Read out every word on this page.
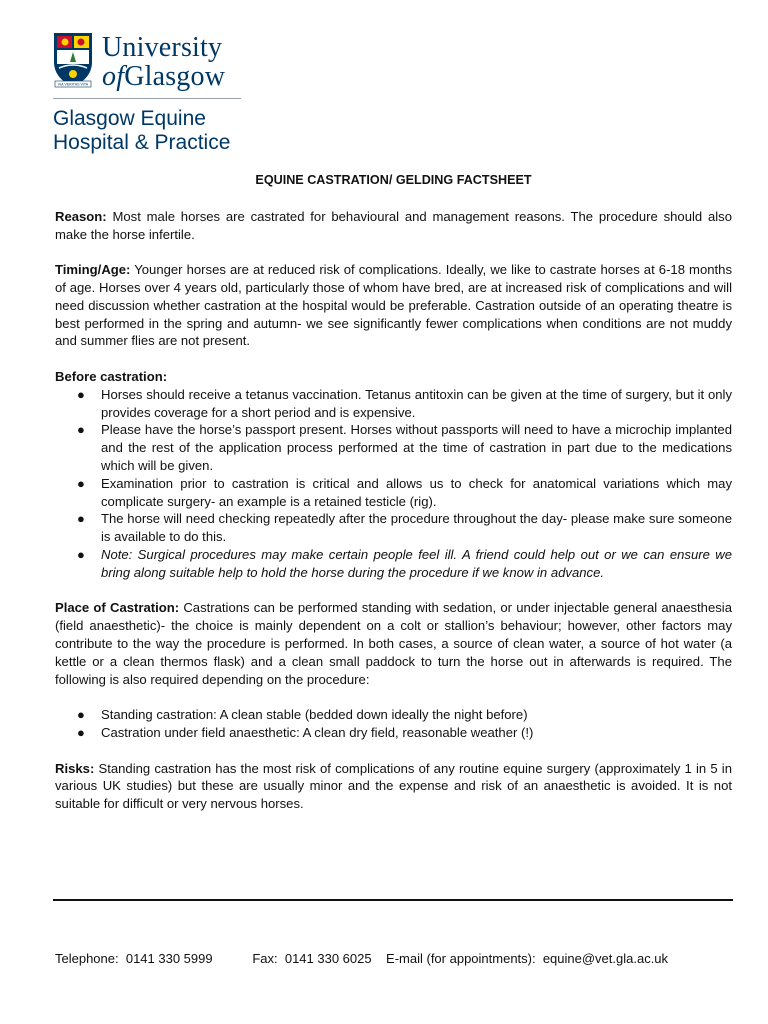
VIA VERITAS VITA
University
ofGlasgow
Glasgow Equine
Hospital & Practice
EQUINE CASTRATION/ GELDING FACTSHEET

Reason: Most male horses are castrated for behavioural and management reasons. The procedure should also make the horse infertile.

Timing/Age: Younger horses are at reduced risk of complications. Ideally, we like to castrate horses at 6-18 months of age. Horses over 4 years old, particularly those of whom have bred, are at increased risk of complications and will need discussion whether castration at the hospital would be preferable. Castration outside of an operating theatre is best performed in the spring and autumn- we see significantly fewer complications when conditions are not muddy and summer flies are not present.

Before castration:

● Horses should receive a tetanus vaccination. Tetanus antitoxin can be given at the time of surgery, but it only provides coverage for a short period and is expensive.
● Please have the horse’s passport present. Horses without passports will need to have a microchip implanted and the rest of the application process performed at the time of castration in part due to the medications which will be given.
● Examination prior to castration is critical and allows us to check for anatomical variations which may complicate surgery- an example is a retained testicle (rig).
● The horse will need checking repeatedly after the procedure throughout the day- please make sure someone is available to do this.
● Note: Surgical procedures may make certain people feel ill. A friend could help out or we can ensure we bring along suitable help to hold the horse during the procedure if we know in advance.

Place of Castration: Castrations can be performed standing with sedation, or under injectable general anaesthesia (field anaesthetic)- the choice is mainly dependent on a colt or stallion’s behaviour; however, other factors may contribute to the way the procedure is performed. In both cases, a source of clean water, a source of hot water (a kettle or a clean thermos flask) and a clean small paddock to turn the horse out in afterwards is required. The following is also required depending on the procedure:

● Standing castration: A clean stable (bedded down ideally the night before)
● Castration under field anaesthetic: A clean dry field, reasonable weather (!)

Risks: Standing castration has the most risk of complications of any routine equine surgery (approximately 1 in 5 in various UK studies) but these are usually minor and the expense and risk of an anaesthetic is avoided. It is not suitable for difficult or very nervous horses.

Telephone:  0141 330 5999	Fax:  0141 330 6025 E-mail (for appointments):  equine@vet.gla.ac.uk
